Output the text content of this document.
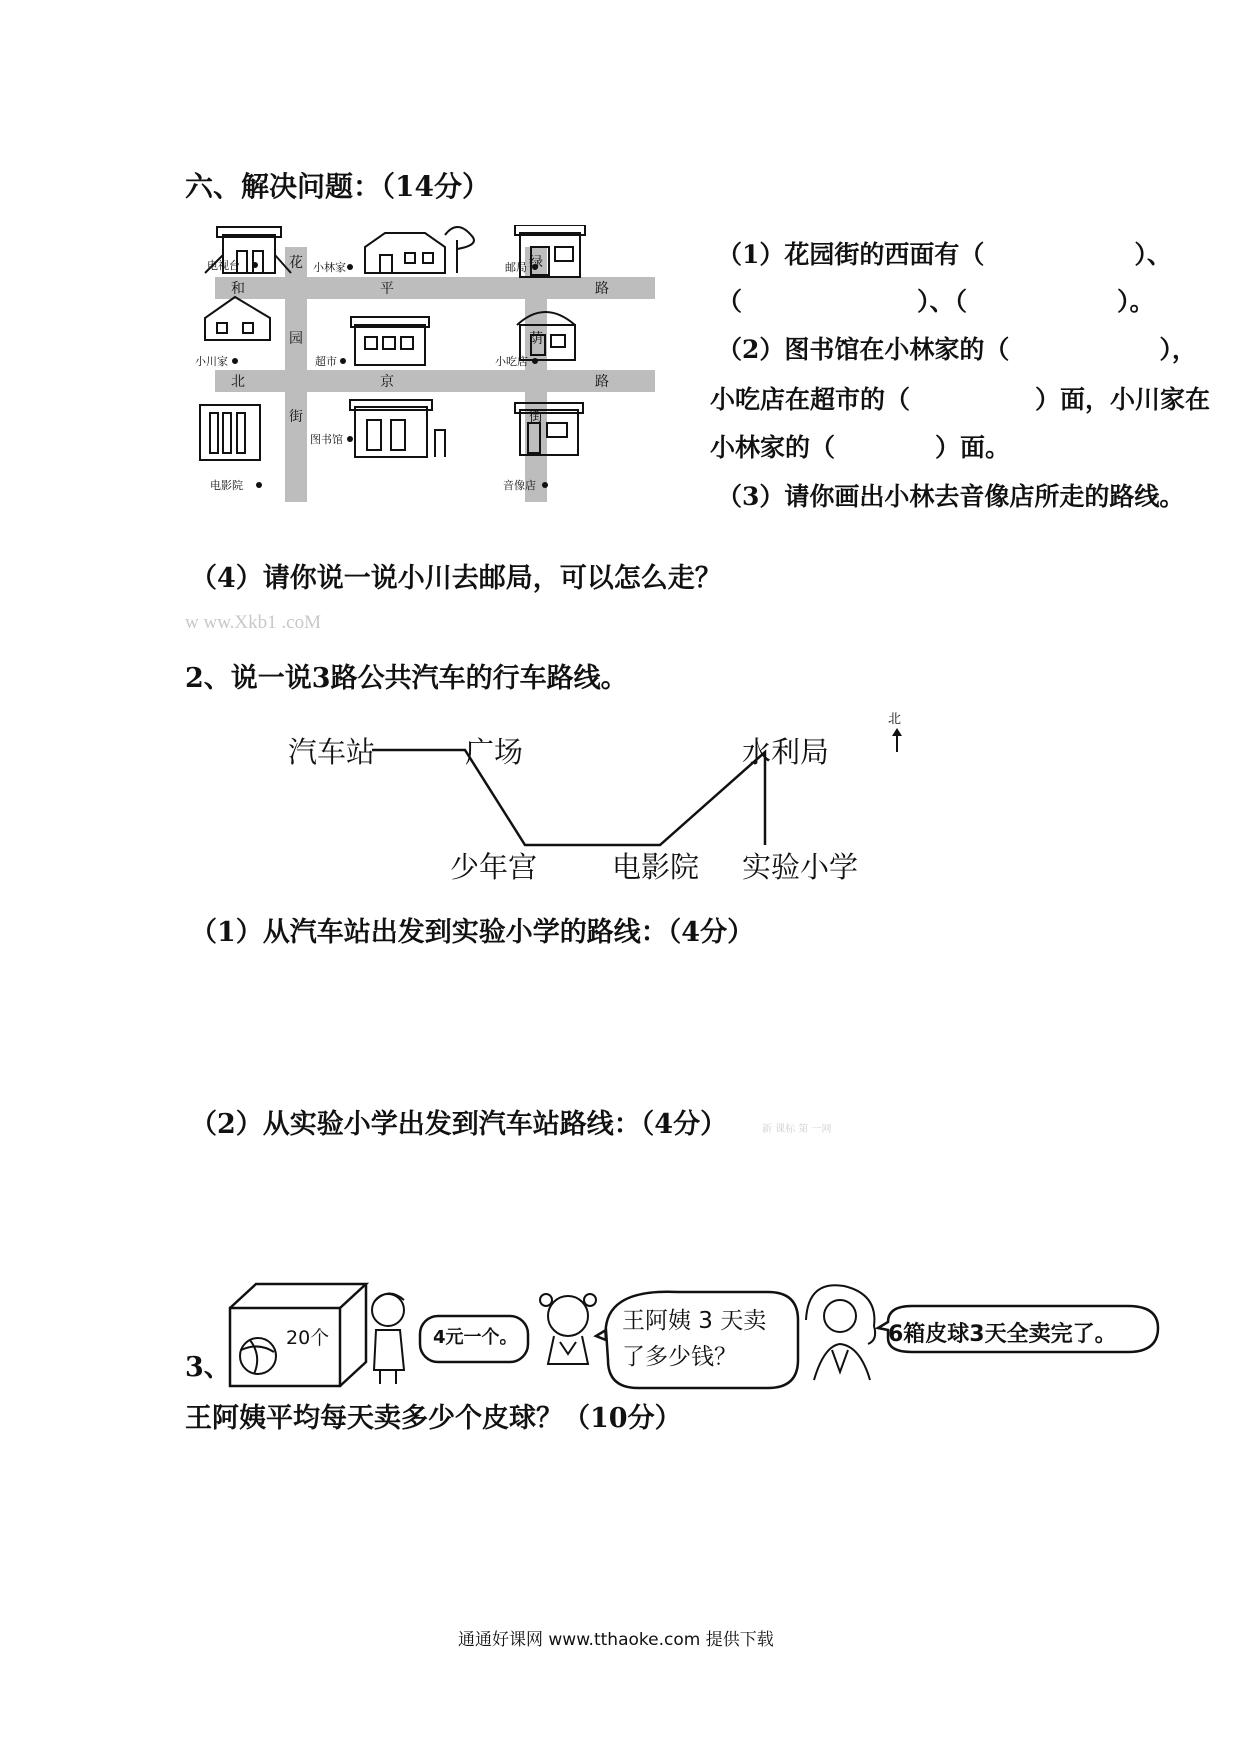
六、解决问题：（14分）
电视台	小林家	邮局
小川家	超市	小吃店
电影院
图书馆
音像店
和	平	路
北	京	路
花
园
街
绿
荫
街
（1）花园街的西面有（　　　　　　）、
（　　　　　　　）、（　　　　　　）。
（2）图书馆在小林家的（　　　　　　），
小吃店在超市的（　　　　　）面，小川家在
小林家的（　　　　）面。
（3）请你画出小林去音像店所走的路线。
（4）请你说一说小川去邮局，可以怎么走？
w ww.Xkb1 .coM
2、说一说3路公共汽车的行车路线。
北
汽车站	广场	水利局
少年宫	电影院 实验小学
（1）从汽车站出发到实验小学的路线：（4分）
（2）从实验小学出发到汽车站路线：（4分）	新 课标 第 一网
3、
20个	4元一个。
王阿姨 3 天卖
了多少钱？
6箱皮球3天全卖完了。
王阿姨平均每天卖多少个皮球？（10分）
通通好课网 www.tthaoke.com 提供下载
